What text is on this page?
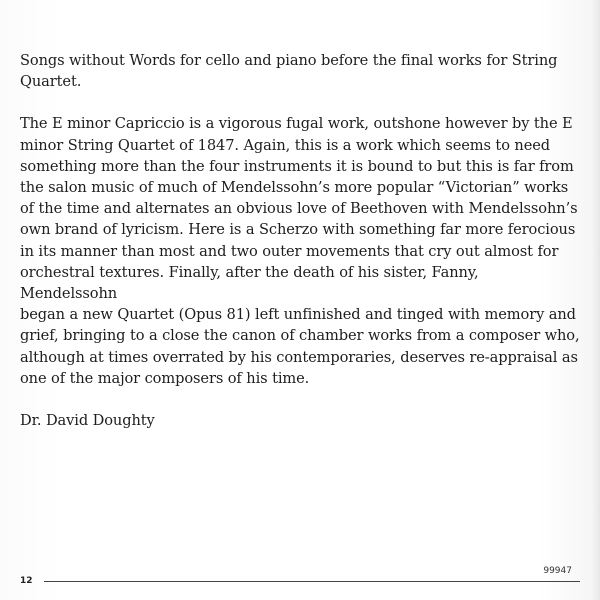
Songs without Words for cello and piano before the final works for String
Quartet.

The E minor Capriccio is a vigorous fugal work, outshone however by the E
minor String Quartet of 1847. Again, this is a work which seems to need
something more than the four instruments it is bound to but this is far from
the salon music of much of Mendelssohn’s more popular “Victorian” works
of the time and alternates an obvious love of Beethoven with Mendelssohn’s
own brand of lyricism. Here is a Scherzo with something far more ferocious
in its manner than most and two outer movements that cry out almost for
orchestral textures. Finally, after the death of his sister, Fanny, Mendelssohn
began a new Quartet (Opus 81) left unfinished and tinged with memory and
grief, bringing to a close the canon of chamber works from a composer who,
although at times overrated by his contemporaries, deserves re-appraisal as
one of the major composers of his time.

Dr. David Doughty

12
99947
